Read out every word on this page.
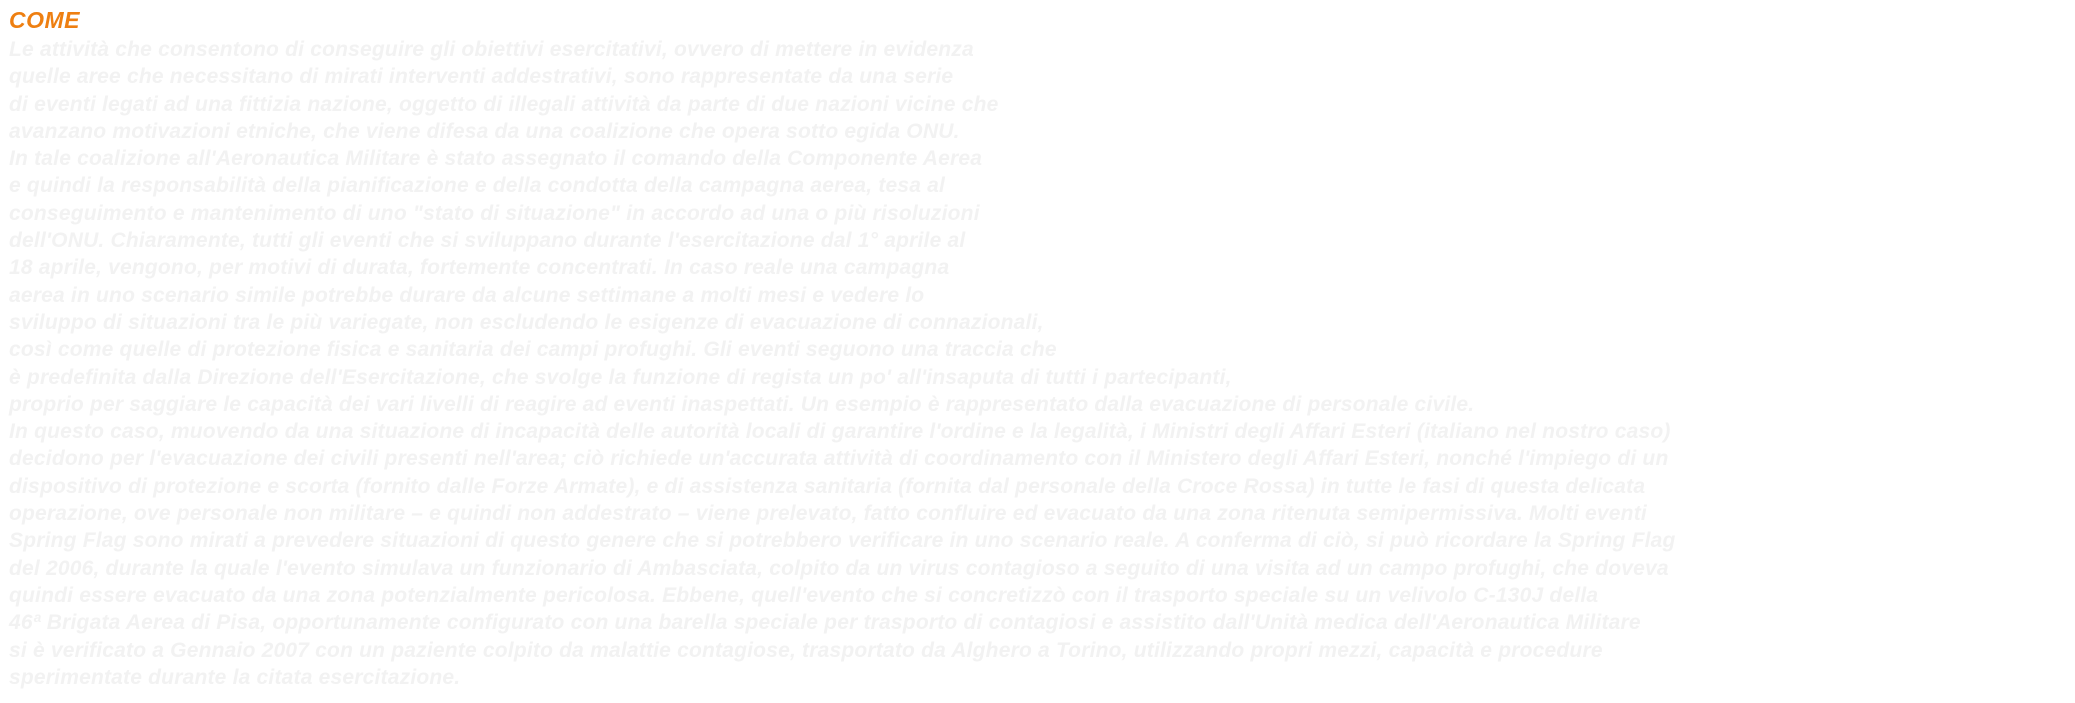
COME
Le attività che consentono di conseguire gli obiettivi esercitativi, ovvero di mettere in evidenza
quelle aree che necessitano di mirati interventi addestrativi, sono rappresentate da una serie
di eventi legati ad una fittizia nazione, oggetto di illegali attività da parte di due nazioni vicine che
avanzano motivazioni etniche, che viene difesa da una coalizione che opera sotto egida ONU.
In tale coalizione all'Aeronautica Militare è stato assegnato il comando della Componente Aerea
e quindi la responsabilità della pianificazione e della condotta della campagna aerea, tesa al
conseguimento e mantenimento di uno "stato di situazione" in accordo ad una o più risoluzioni
dell'ONU. Chiaramente, tutti gli eventi che si sviluppano durante l'esercitazione dal 1° aprile al
18 aprile, vengono, per motivi di durata, fortemente concentrati. In caso reale una campagna
aerea in uno scenario simile potrebbe durare da alcune settimane a molti mesi e vedere lo
sviluppo di situazioni tra le più variegate, non escludendo le esigenze di evacuazione di connazionali,
così come quelle di protezione fisica e sanitaria dei campi profughi. Gli eventi seguono una traccia che
è predefinita dalla Direzione dell'Esercitazione, che svolge la funzione di regista un po' all'insaputa di tutti i partecipanti,
proprio per saggiare le capacità dei vari livelli di reagire ad eventi inaspettati. Un esempio è rappresentato dalla evacuazione di personale civile.
In questo caso, muovendo da una situazione di incapacità delle autorità locali di garantire l'ordine e la legalità, i Ministri degli Affari Esteri (italiano nel nostro caso)
decidono per l'evacuazione dei civili presenti nell'area; ciò richiede un'accurata attività di coordinamento con il Ministero degli Affari Esteri, nonché l'impiego di un
dispositivo di protezione e scorta (fornito dalle Forze Armate), e di assistenza sanitaria (fornita dal personale della Croce Rossa) in tutte le fasi di questa delicata
operazione, ove personale non militare – e quindi non addestrato – viene prelevato, fatto confluire ed evacuato da una zona ritenuta semipermissiva. Molti eventi
Spring Flag sono mirati a prevedere situazioni di questo genere che si potrebbero verificare in uno scenario reale. A conferma di ciò, si può ricordare la Spring Flag
del 2006, durante la quale l'evento simulava un funzionario di Ambasciata, colpito da un virus contagioso a seguito di una visita ad un campo profughi, che doveva
quindi essere evacuato da una zona potenzialmente pericolosa. Ebbene, quell'evento che si concretizzò con il trasporto speciale su un velivolo C-130J della
46ª Brigata Aerea di Pisa, opportunamente configurato con una barella speciale per trasporto di contagiosi e assistito dall'Unità medica dell'Aeronautica Militare
si è verificato a Gennaio 2007 con un paziente colpito da malattie contagiose, trasportato da Alghero a Torino, utilizzando propri mezzi, capacità e procedure
sperimentate durante la citata esercitazione.
